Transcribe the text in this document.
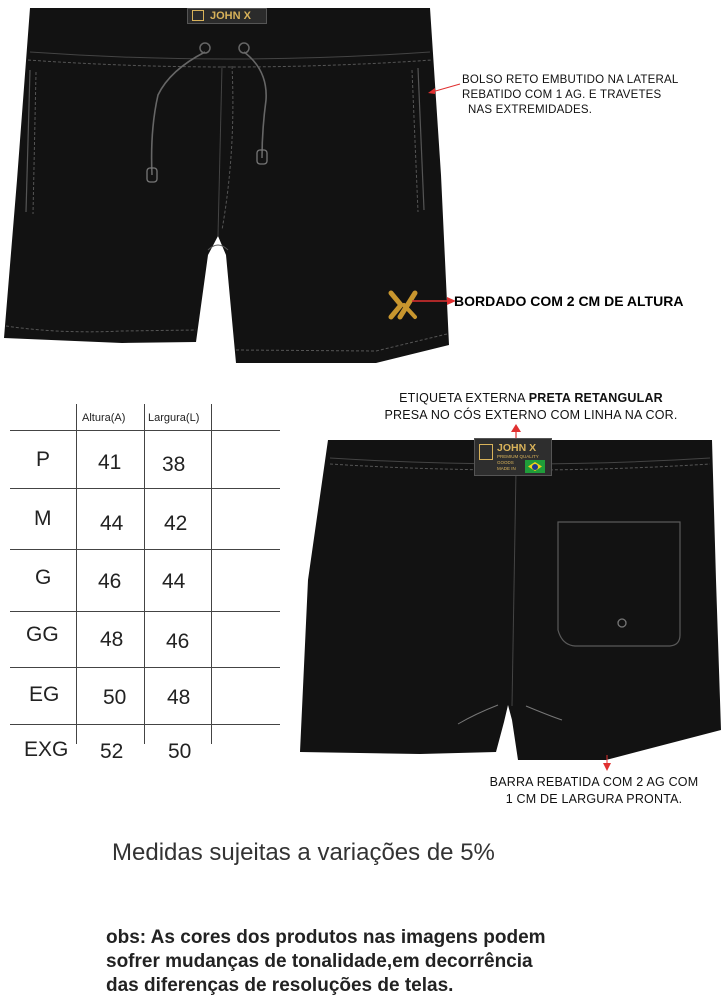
JOHN X
BOLSO RETO EMBUTIDO NA LATERAL
REBATIDO COM 1 AG. E TRAVETES
NAS EXTREMIDADES.
BORDADO COM 2 CM DE ALTURA
ETIQUETA EXTERNA PRETA RETANGULAR
PRESA NO CÓS EXTERNO COM LINHA NA COR.
JOHN X
PREMIUM QUALITY
GOODS
MADE IN
BARRA REBATIDA COM 2 AG COM
1 CM DE LARGURA PRONTA.
Altura(A) Largura(L)
P 41 38
M 44 42
G 46 44
GG 48 46
EG 50 48
EXG 52 50
Medidas sujeitas a variações de 5%
obs: As cores dos produtos nas imagens podem
sofrer mudanças de tonalidade,em decorrência
das diferenças de resoluções de telas.
